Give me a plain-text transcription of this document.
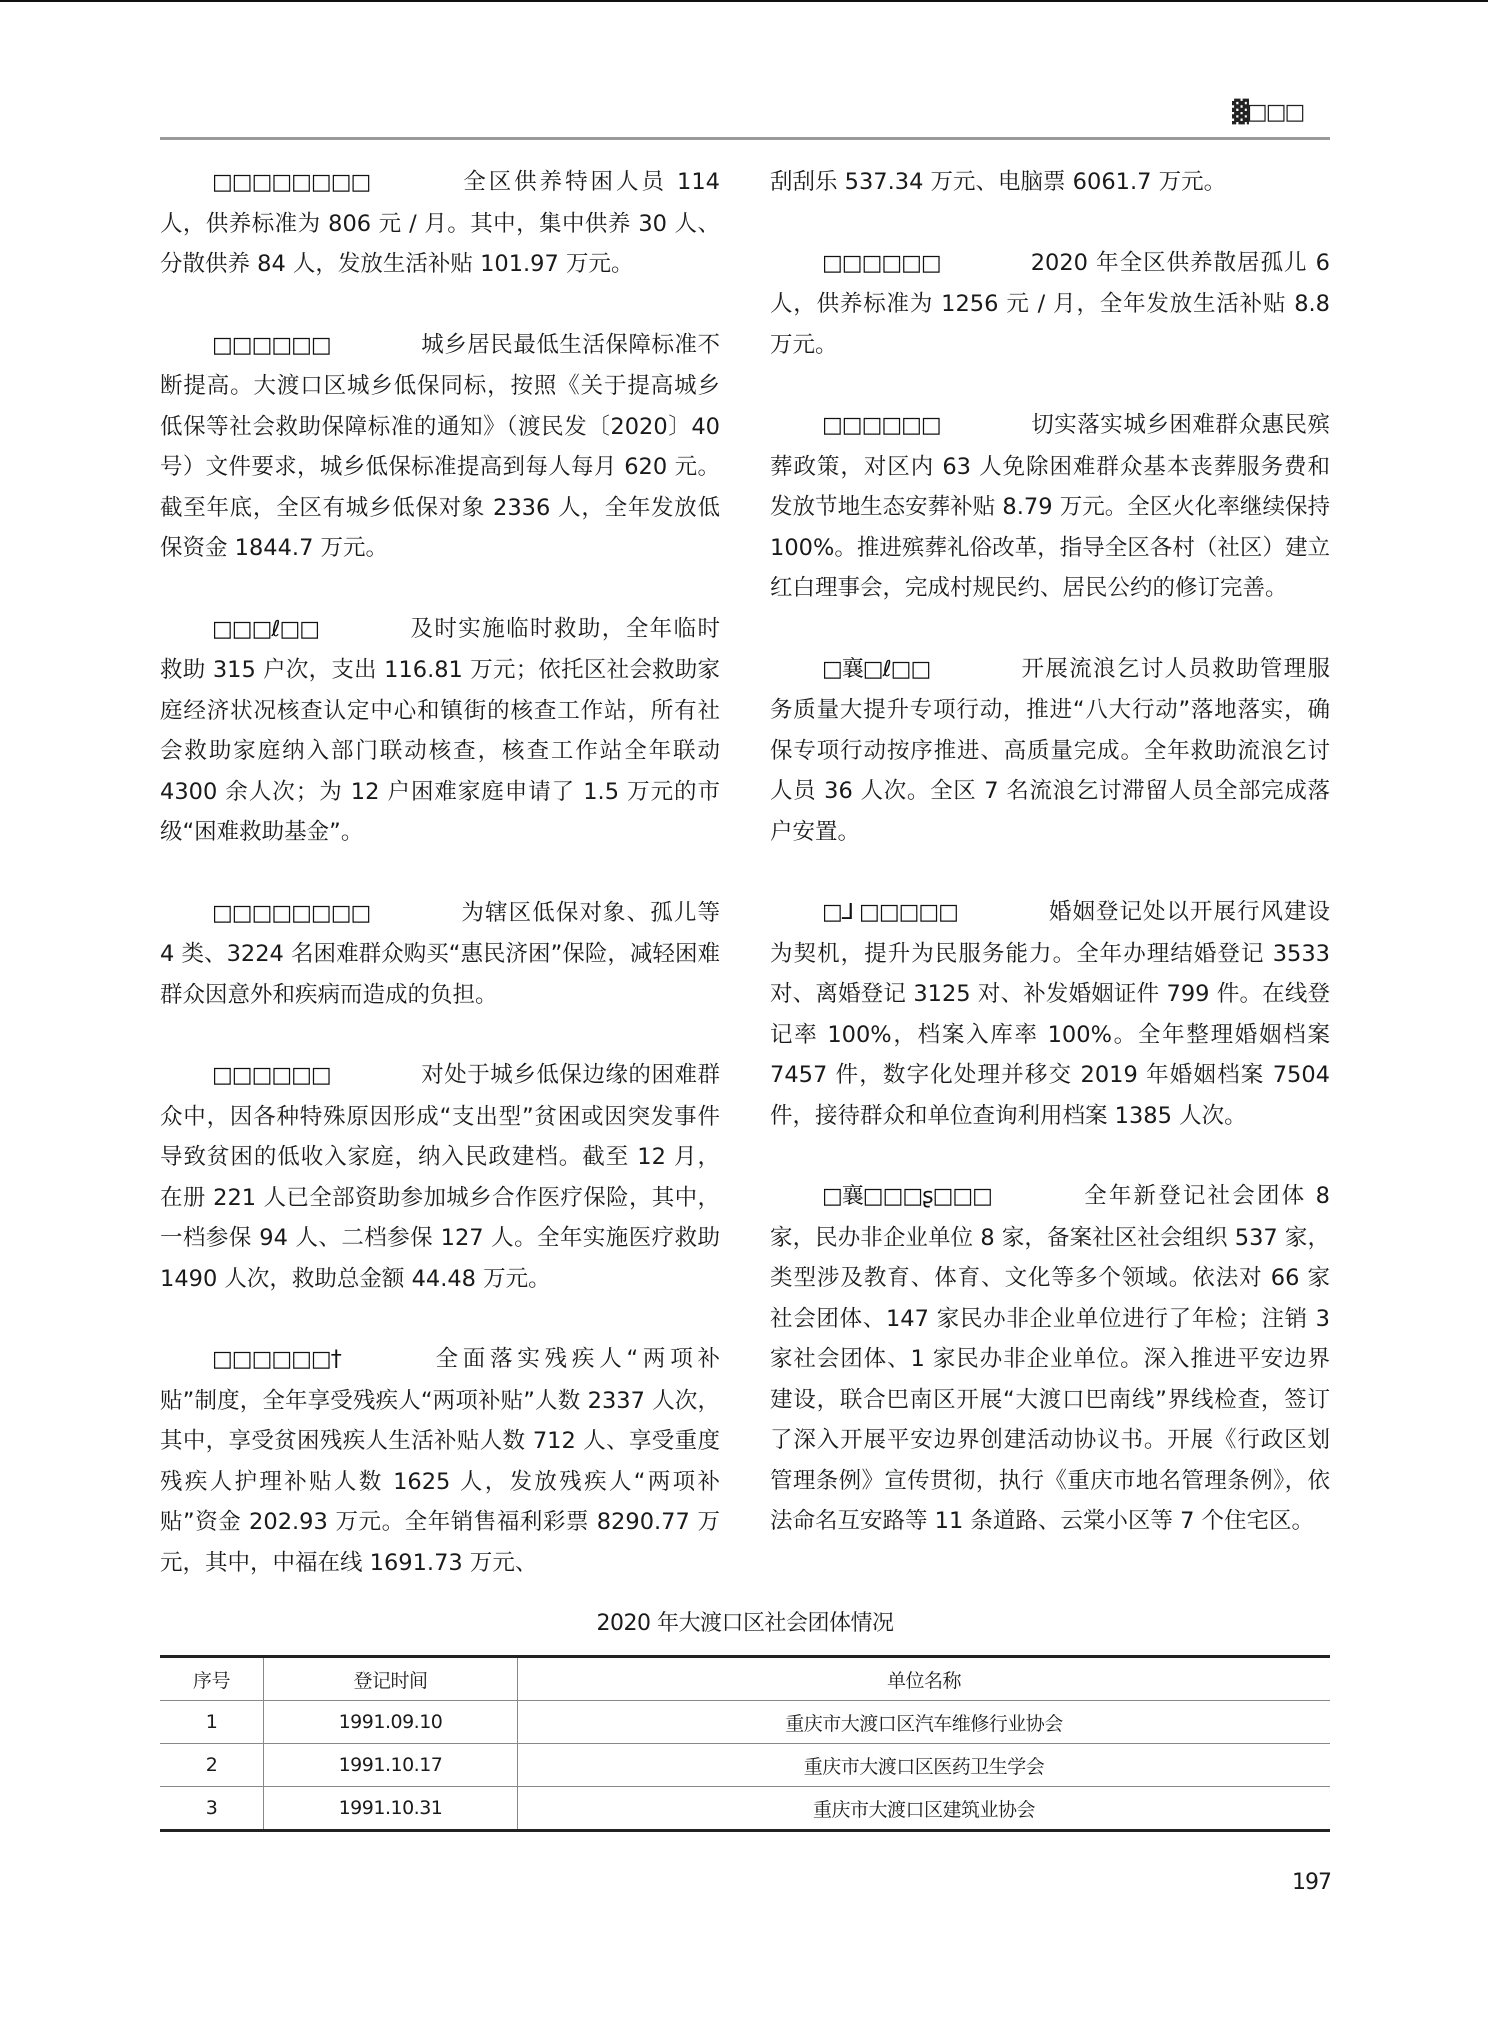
▓□□□

□□□□□□□□	全区供养特困人员 114 人，供养标准为 806 元 / 月。其中，集中供养 30 人、分散供养 84 人，发放生活补贴 101.97 万元。

□□□□□□	城乡居民最低生活保障标准不断提高。大渡口区城乡低保同标，按照《关于提高城乡低保等社会救助保障标准的通知》（渡民发〔2020〕40 号）文件要求，城乡低保标准提高到每人每月 620 元。截至年底，全区有城乡低保对象 2336 人，全年发放低保资金 1844.7 万元。

□□□ℓ□□	及时实施临时救助，全年临时救助 315 户次，支出 116.81 万元；依托区社会救助家庭经济状况核查认定中心和镇街的核查工作站，所有社会救助家庭纳入部门联动核查，核查工作站全年联动 4300 余人次；为 12 户困难家庭申请了 1.5 万元的市级“困难救助基金”。

□□□□□□□□	为辖区低保对象、孤儿等 4 类、3224 名困难群众购买“惠民济困”保险，减轻困难群众因意外和疾病而造成的负担。

□□□□□□	对处于城乡低保边缘的困难群众中，因各种特殊原因形成“支出型”贫困或因突发事件导致贫困的低收入家庭，纳入民政建档。截至 12 月，在册 221 人已全部资助参加城乡合作医疗保险，其中，一档参保 94 人、二档参保 127 人。全年实施医疗救助 1490 人次，救助总金额 44.48 万元。

□□□□□□†	全面落实残疾人“两项补贴”制度，全年享受残疾人“两项补贴”人数 2337 人次，其中，享受贫困残疾人生活补贴人数 712 人、享受重度残疾人护理补贴人数 1625 人，发放残疾人“两项补贴”资金 202.93 万元。全年销售福利彩票 8290.77 万元，其中，中福在线 1691.73 万元、

刮刮乐 537.34 万元、电脑票 6061.7 万元。

□□□□□□	2020 年全区供养散居孤儿 6 人，供养标准为 1256 元 / 月，全年发放生活补贴 8.8 万元。

□□□□□□	切实落实城乡困难群众惠民殡葬政策，对区内 63 人免除困难群众基本丧葬服务费和发放节地生态安葬补贴 8.79 万元。全区火化率继续保持 100%。推进殡葬礼俗改革，指导全区各村（社区）建立红白理事会，完成村规民约、居民公约的修订完善。

□襄□ℓ□□	开展流浪乞讨人员救助管理服务质量大提升专项行动，推进“八大行动”落地落实，确保专项行动按序推进、高质量完成。全年救助流浪乞讨人员 36 人次。全区 7 名流浪乞讨滞留人员全部完成落户安置。

□⅃ □□□□□	婚姻登记处以开展行风建设为契机，提升为民服务能力。全年办理结婚登记 3533 对、离婚登记 3125 对、补发婚姻证件 799 件。在线登记率 100%，档案入库率 100%。全年整理婚姻档案 7457 件，数字化处理并移交 2019 年婚姻档案 7504 件，接待群众和单位查询利用档案 1385 人次。

□襄□□□ʂ□□□	全年新登记社会团体 8 家，民办非企业单位 8 家，备案社区社会组织 537 家，类型涉及教育、体育、文化等多个领域。依法对 66 家社会团体、147 家民办非企业单位进行了年检；注销 3 家社会团体、1 家民办非企业单位。深入推进平安边界建设，联合巴南区开展“大渡口巴南线”界线检查，签订了深入开展平安边界创建活动协议书。开展《行政区划管理条例》宣传贯彻，执行《重庆市地名管理条例》，依法命名互安路等 11 条道路、云棠小区等 7 个住宅区。

2020 年大渡口区社会团体情况
序号	登记时间	单位名称
1	1991.09.10	重庆市大渡口区汽车维修行业协会
2	1991.10.17	重庆市大渡口区医药卫生学会
3	1991.10.31	重庆市大渡口区建筑业协会
197
